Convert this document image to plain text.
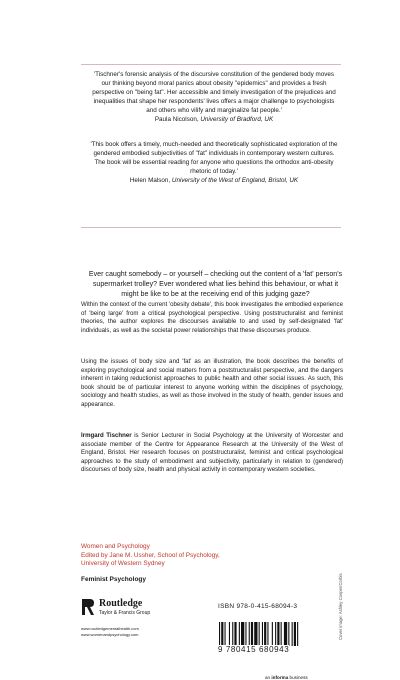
'Tischner's forensic analysis of the discursive constitution of the gendered body moves our thinking beyond moral panics about obesity "epidemics" and provides a fresh perspective on "being fat". Her accessible and timely investigation of the prejudices and inequalities that shape her respondents' lives offers a major challenge to psychologists and others who vilify and marginalize fat people.'

Paula Nicolson, University of Bradford, UK

'This book offers a timely, much-needed and theoretically sophisticated exploration of the gendered embodied subjectivities of "fat" individuals in contemporary western cultures. The book will be essential reading for anyone who questions the orthodox anti-obesity rhetoric of today.'

Helen Malson, University of the West of England, Bristol, UK
Ever caught somebody – or yourself – checking out the content of a 'fat' person's supermarket trolley? Ever wondered what lies behind this behaviour, or what it might be like to be at the receiving end of this judging gaze?

Within the context of the current 'obesity debate', this book investigates the embodied experience of 'being large' from a critical psychological perspective. Using poststructuralist and feminist theories, the author explores the discourses available to and used by self-designated 'fat' individuals, as well as the societal power relationships that these discourses produce.

Using the issues of body size and 'fat' as an illustration, the book describes the benefits of exploring psychological and social matters from a poststructuralist perspective, and the dangers inherent in taking reductionist approaches to public health and other social issues. As such, this book should be of particular interest to anyone working within the disciplines of psychology, sociology and health studies, as well as those involved in the study of health, gender issues and appearance.

Irmgard Tischner is Senior Lecturer in Social Psychology at the University of Worcester and associate member of the Centre for Appearance Research at the University of the West of England, Bristol. Her research focuses on poststructuralist, feminist and critical psychological approaches to the study of embodiment and subjectivity, particularly in relation to (gendered) discourses of body size, health and physical activity in contemporary western societies.

Women and Psychology
Edited by Jane M. Ussher, School of Psychology,
University of Western Sydney
Feminist Psychology
Routledge
Taylor & Francis Group
www.routledgementalhealth.com
www.womenandpsychology.com
ISBN 978-0-415-68094-3
9 780415 680943
an informa business
Cover image: Ashley Cooper/Corbis
